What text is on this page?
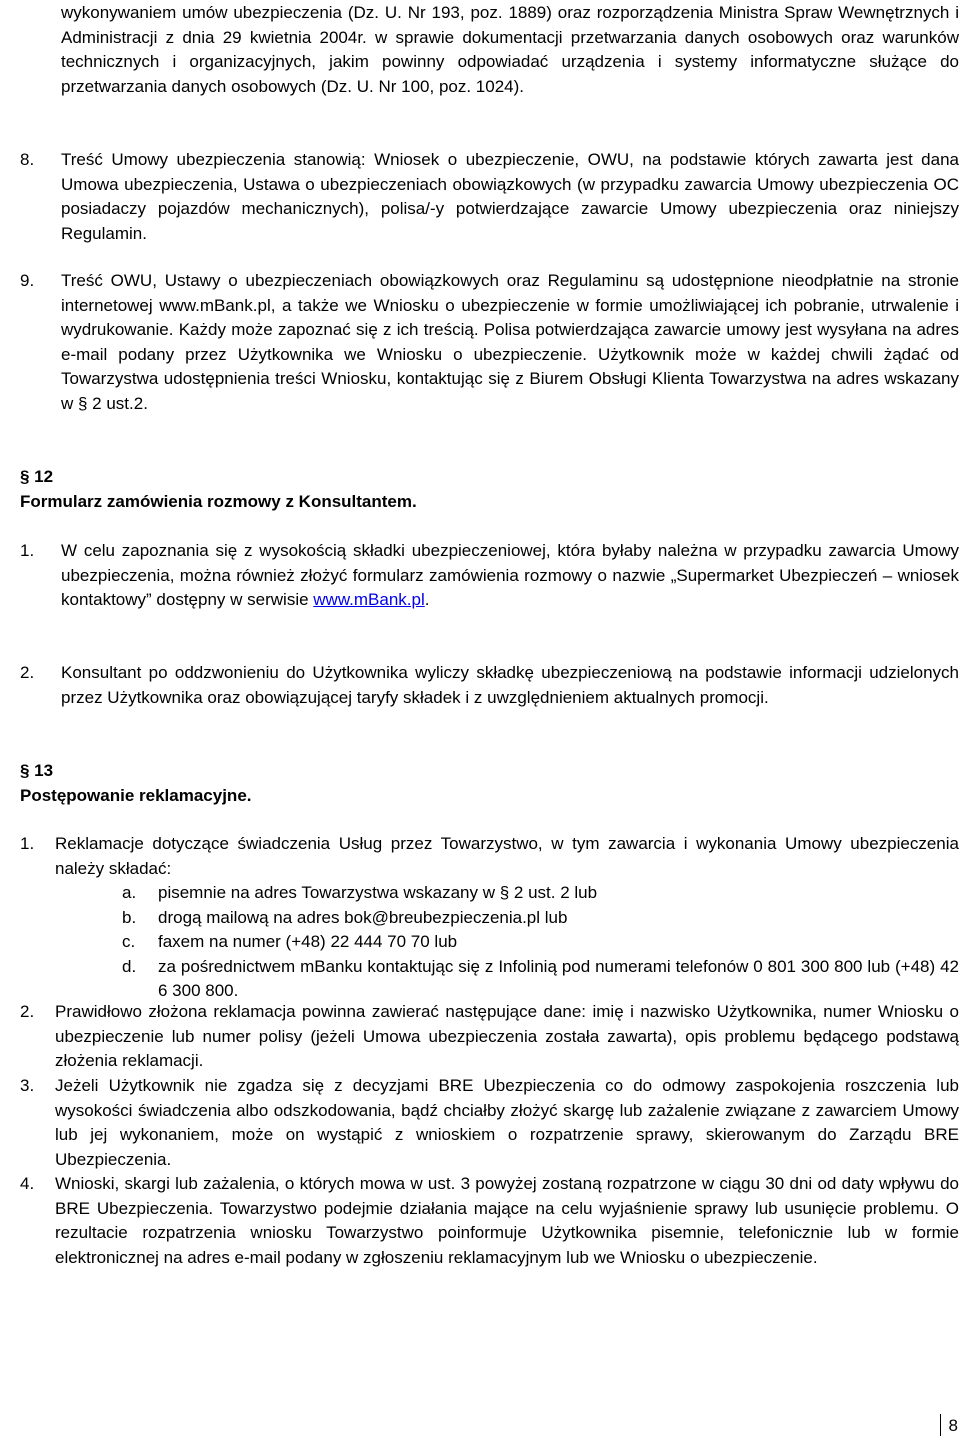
wykonywaniem umów ubezpieczenia (Dz. U. Nr 193, poz. 1889) oraz rozporządzenia Ministra Spraw Wewnętrznych i Administracji z dnia 29 kwietnia 2004r. w sprawie dokumentacji przetwarzania danych osobowych oraz warunków technicznych i organizacyjnych, jakim powinny odpowiadać urządzenia i systemy informatyczne służące do przetwarzania danych osobowych (Dz. U. Nr 100, poz. 1024).

8. Treść Umowy ubezpieczenia stanowią: Wniosek o ubezpieczenie, OWU, na podstawie których zawarta jest dana Umowa ubezpieczenia, Ustawa o ubezpieczeniach obowiązkowych (w przypadku zawarcia Umowy ubezpieczenia OC posiadaczy pojazdów mechanicznych), polisa/-y potwierdzające zawarcie Umowy ubezpieczenia oraz niniejszy Regulamin.

9. Treść OWU, Ustawy o ubezpieczeniach obowiązkowych oraz Regulaminu są udostępnione nieodpłatnie na stronie internetowej www.mBank.pl, a także we Wniosku o ubezpieczenie w formie umożliwiającej ich pobranie, utrwalenie i wydrukowanie. Każdy może zapoznać się z ich treścią. Polisa potwierdzająca zawarcie umowy jest wysyłana na adres e-mail podany przez Użytkownika we Wniosku o ubezpieczenie. Użytkownik może w każdej chwili żądać od Towarzystwa udostępnienia treści Wniosku, kontaktując się z Biurem Obsługi Klienta Towarzystwa na adres wskazany w § 2 ust.2.

§ 12
Formularz zamówienia rozmowy z Konsultantem.
1. W celu zapoznania się z wysokością składki ubezpieczeniowej, która byłaby należna w przypadku zawarcia Umowy ubezpieczenia, można również złożyć formularz zamówienia rozmowy o nazwie „Supermarket Ubezpieczeń – wniosek kontaktowy” dostępny w serwisie www.mBank.pl.

2. Konsultant po oddzwonieniu do Użytkownika wyliczy składkę ubezpieczeniową na podstawie informacji udzielonych przez Użytkownika oraz obowiązującej taryfy składek i z uwzględnieniem aktualnych promocji.

§ 13
Postępowanie reklamacyjne.
1. Reklamacje dotyczące świadczenia Usług przez Towarzystwo, w tym zawarcia i wykonania Umowy ubezpieczenia należy składać:

a. pisemnie na adres Towarzystwa wskazany w § 2 ust. 2 lub
b. drogą mailową na adres bok@breubezpieczenia.pl lub
c. faxem na numer (+48) 22 444 70 70 lub
d. za pośrednictwem mBanku kontaktując się z Infolinią pod numerami telefonów 0 801 300 800 lub (+48) 42 6 300 800.
2. Prawidłowo złożona reklamacja powinna zawierać następujące dane: imię i nazwisko Użytkownika, numer Wniosku o ubezpieczenie lub numer polisy (jeżeli Umowa ubezpieczenia została zawarta), opis problemu będącego podstawą złożenia reklamacji.

3. Jeżeli Użytkownik nie zgadza się z decyzjami BRE Ubezpieczenia co do odmowy zaspokojenia roszczenia lub wysokości świadczenia albo odszkodowania, bądź chciałby złożyć skargę lub zażalenie związane z zawarciem Umowy lub jej wykonaniem, może on wystąpić z wnioskiem o rozpatrzenie sprawy, skierowanym do Zarządu BRE Ubezpieczenia.

4. Wnioski, skargi lub zażalenia, o których mowa w ust. 3 powyżej zostaną rozpatrzone w ciągu 30 dni od daty wpływu do BRE Ubezpieczenia. Towarzystwo podejmie działania mające na celu wyjaśnienie sprawy lub usunięcie problemu. O rezultacie rozpatrzenia wniosku Towarzystwo poinformuje Użytkownika pisemnie, telefonicznie lub w formie elektronicznej na adres e-mail podany w zgłoszeniu reklamacyjnym lub we Wniosku o ubezpieczenie.

8
